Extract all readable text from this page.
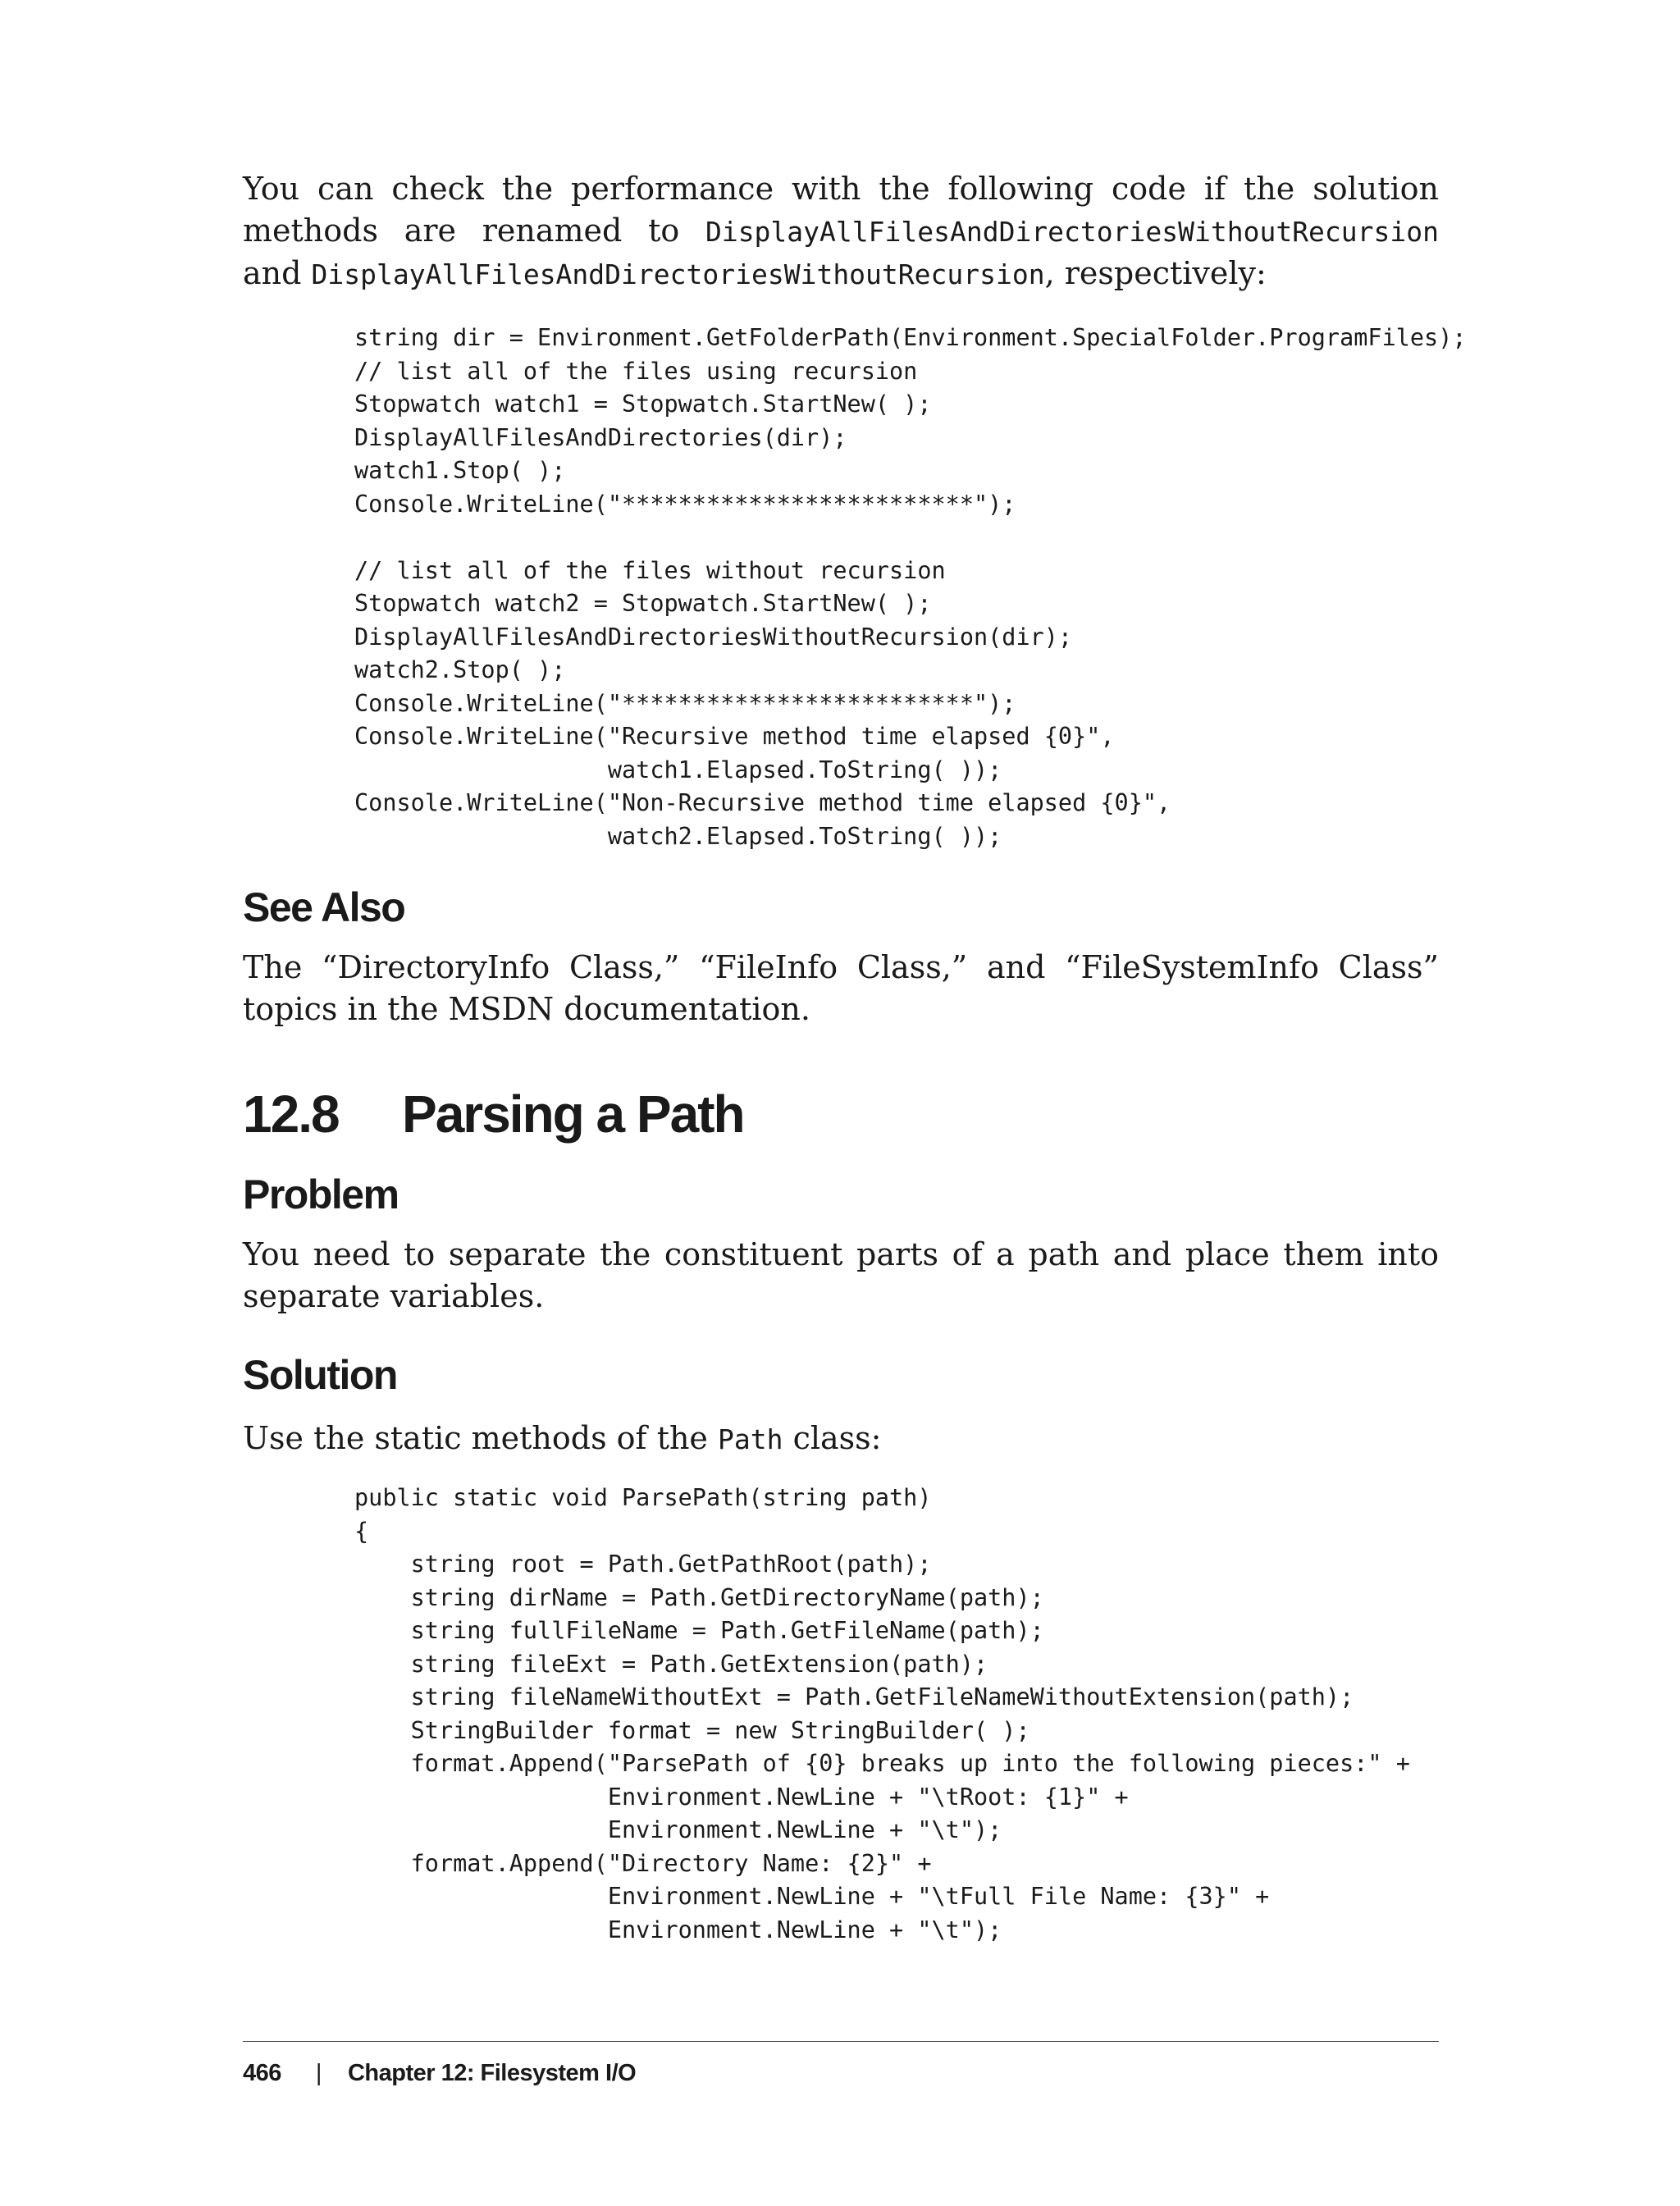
You can check the performance with the following code if the solution methods are renamed to DisplayAllFilesAndDirectoriesWithoutRecursion and DisplayAllFilesAndDirectoriesWithoutRecursion, respectively:

string dir = Environment.GetFolderPath(Environment.SpecialFolder.ProgramFiles);
// list all of the files using recursion
Stopwatch watch1 = Stopwatch.StartNew( );
DisplayAllFilesAndDirectories(dir);
watch1.Stop( );
Console.WriteLine("*************************");

// list all of the files without recursion
Stopwatch watch2 = Stopwatch.StartNew( );
DisplayAllFilesAndDirectoriesWithoutRecursion(dir);
watch2.Stop( );
Console.WriteLine("*************************");
Console.WriteLine("Recursive method time elapsed {0}",
watch1.Elapsed.ToString( ));
Console.WriteLine("Non-Recursive method time elapsed {0}",
watch2.Elapsed.ToString( ));
See Also

The “DirectoryInfo Class,” “FileInfo Class,” and “FileSystemInfo Class” topics in the MSDN documentation.

12.8 Parsing a Path
Problem

You need to separate the constituent parts of a path and place them into separate variables.

Solution

Use the static methods of the Path class:

public static void ParsePath(string path)
{
string root = Path.GetPathRoot(path);
string dirName = Path.GetDirectoryName(path);
string fullFileName = Path.GetFileName(path);
string fileExt = Path.GetExtension(path);
string fileNameWithoutExt = Path.GetFileNameWithoutExtension(path);
StringBuilder format = new StringBuilder( );
format.Append("ParsePath of {0} breaks up into the following pieces:" +
Environment.NewLine + "\tRoot: {1}" +
Environment.NewLine + "\t");
format.Append("Directory Name: {2}" +
Environment.NewLine + "\tFull File Name: {3}" +
Environment.NewLine + "\t");
466 | Chapter 12: Filesystem I/O
